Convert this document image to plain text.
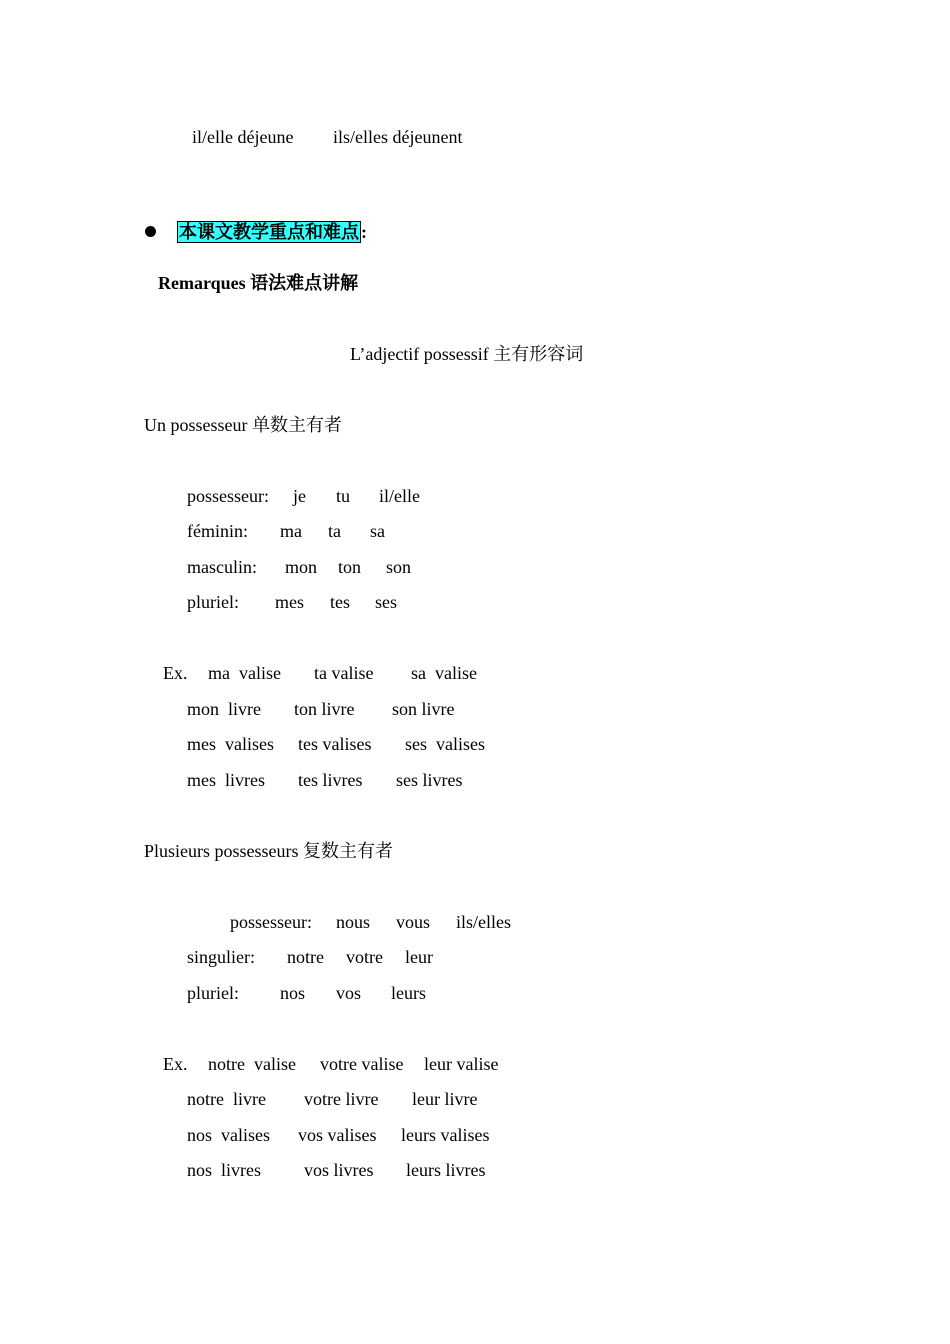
il/elle déjeune ils/elles déjeunent
本课文教学重点和难点 :
Remarques 语法难点讲解
L’adjectif possessif 主有形容词
Un possesseur 单数主有者
possesseur: je tu il/elle
féminin: ma ta sa
masculin: mon ton son
pluriel: mes tes ses
Ex. ma  valise ta valise sa  valise
mon  livre ton livre son livre
mes  valises tes valises ses  valises
mes  livres tes livres ses livres
Plusieurs possesseurs 复数主有者
possesseur: nous vous ils/elles
singulier: notre votre leur
pluriel: nos vos leurs
Ex. notre  valise votre valise leur valise
notre  livre votre livre leur livre
nos  valises vos valises leurs valises
nos  livres vos livres leurs livres
